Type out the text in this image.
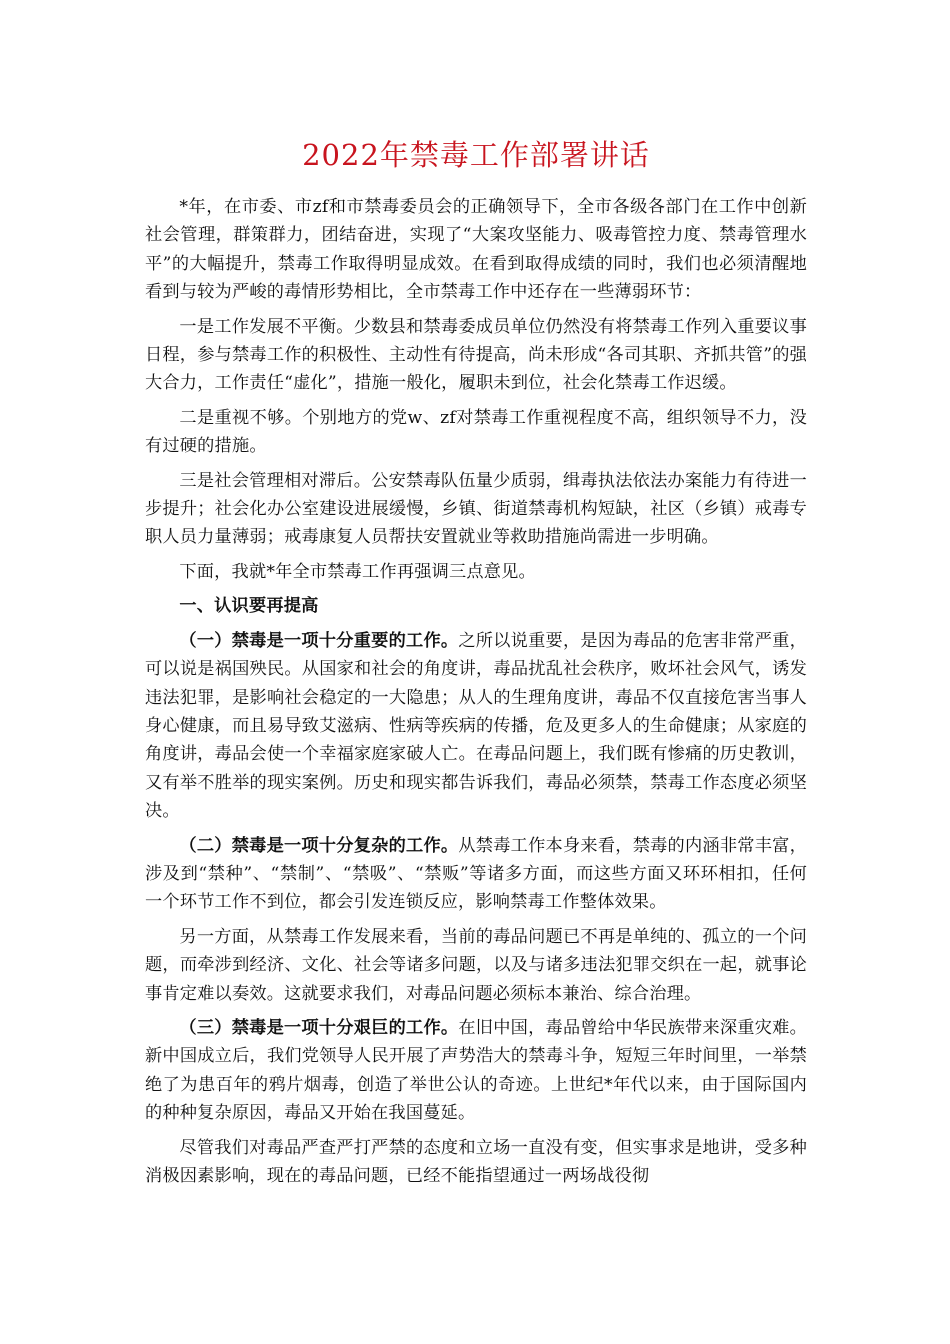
2022年禁毒工作部署讲话

*年，在市委、市zf和市禁毒委员会的正确领导下，全市各级各部门在工作中创新社会管理，群策群力，团结奋进，实现了“大案攻坚能力、吸毒管控力度、禁毒管理水平”的大幅提升，禁毒工作取得明显成效。在看到取得成绩的同时，我们也必须清醒地看到与较为严峻的毒情形势相比，全市禁毒工作中还存在一些薄弱环节：

一是工作发展不平衡。少数县和禁毒委成员单位仍然没有将禁毒工作列入重要议事日程，参与禁毒工作的积极性、主动性有待提高，尚未形成“各司其职、齐抓共管”的强大合力，工作责任“虚化”，措施一般化，履职未到位，社会化禁毒工作迟缓。

二是重视不够。个别地方的党w、zf对禁毒工作重视程度不高，组织领导不力，没有过硬的措施。

三是社会管理相对滞后。公安禁毒队伍量少质弱，缉毒执法依法办案能力有待进一步提升；社会化办公室建设进展缓慢，乡镇、街道禁毒机构短缺，社区（乡镇）戒毒专职人员力量薄弱；戒毒康复人员帮扶安置就业等救助措施尚需进一步明确。

下面，我就*年全市禁毒工作再强调三点意见。

一、认识要再提高

（一）禁毒是一项十分重要的工作。之所以说重要，是因为毒品的危害非常严重，可以说是祸国殃民。从国家和社会的角度讲，毒品扰乱社会秩序，败坏社会风气，诱发违法犯罪，是影响社会稳定的一大隐患；从人的生理角度讲，毒品不仅直接危害当事人身心健康，而且易导致艾滋病、性病等疾病的传播，危及更多人的生命健康；从家庭的角度讲，毒品会使一个幸福家庭家破人亡。在毒品问题上，我们既有惨痛的历史教训，又有举不胜举的现实案例。历史和现实都告诉我们，毒品必须禁，禁毒工作态度必须坚决。

（二）禁毒是一项十分复杂的工作。从禁毒工作本身来看，禁毒的内涵非常丰富，涉及到“禁种”、“禁制”、“禁吸”、“禁贩”等诸多方面，而这些方面又环环相扣，任何一个环节工作不到位，都会引发连锁反应，影响禁毒工作整体效果。

另一方面，从禁毒工作发展来看，当前的毒品问题已不再是单纯的、孤立的一个问题，而牵涉到经济、文化、社会等诸多问题，以及与诸多违法犯罪交织在一起，就事论事肯定难以奏效。这就要求我们，对毒品问题必须标本兼治、综合治理。

（三）禁毒是一项十分艰巨的工作。在旧中国，毒品曾给中华民族带来深重灾难。新中国成立后，我们党领导人民开展了声势浩大的禁毒斗争，短短三年时间里，一举禁绝了为患百年的鸦片烟毒，创造了举世公认的奇迹。上世纪*年代以来，由于国际国内的种种复杂原因，毒品又开始在我国蔓延。

尽管我们对毒品严查严打严禁的态度和立场一直没有变，但实事求是地讲，受多种消极因素影响，现在的毒品问题，已经不能指望通过一两场战役彻
